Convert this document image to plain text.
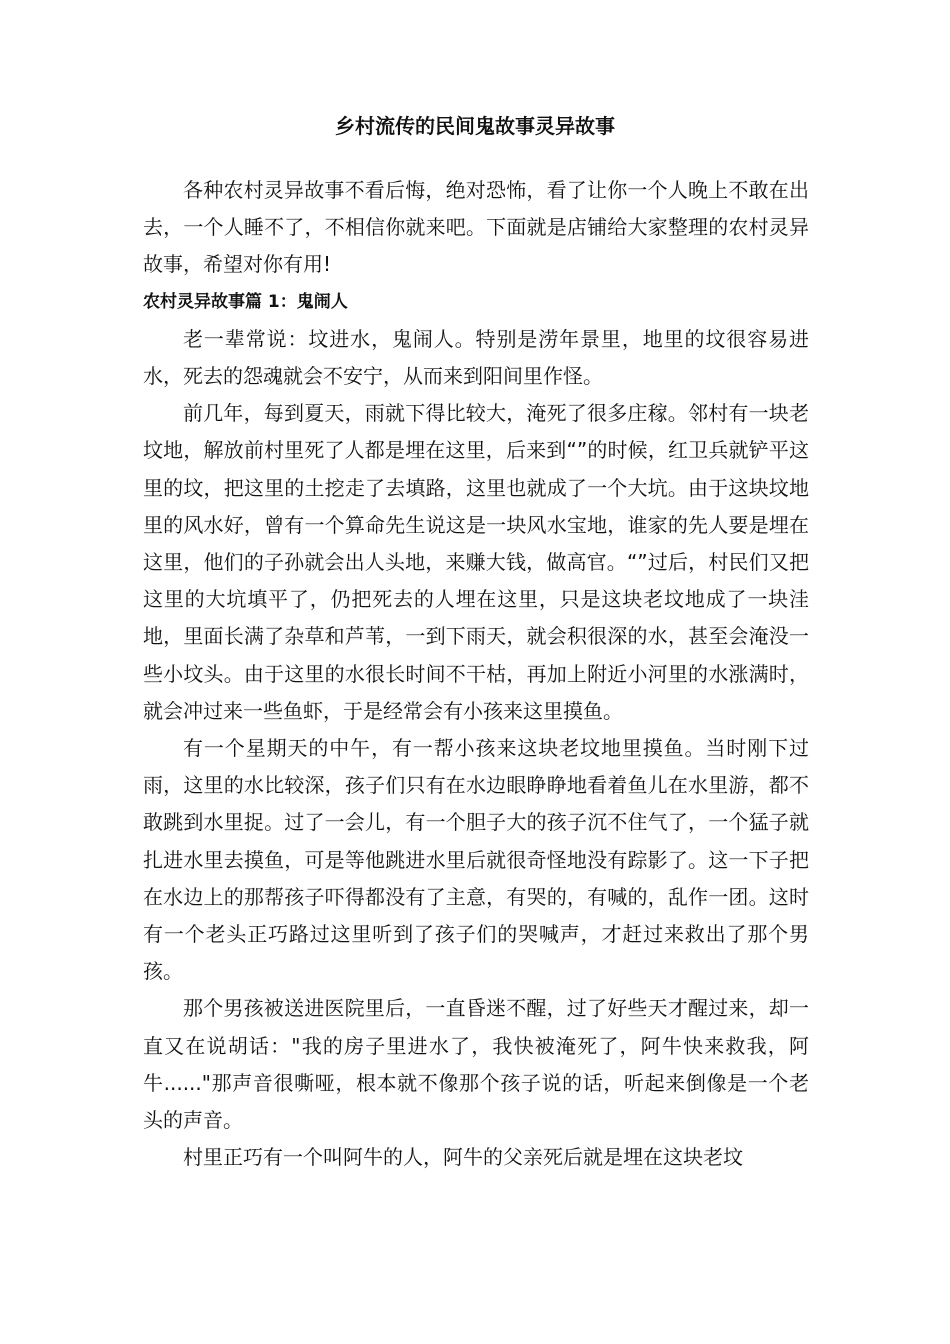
乡村流传的民间鬼故事灵异故事

各种农村灵异故事不看后悔，绝对恐怖，看了让你一个人晚上不敢在出去，一个人睡不了，不相信你就来吧。下面就是店铺给大家整理的农村灵异故事，希望对你有用!

农村灵异故事篇 1：鬼闹人

老一辈常说：坟进水，鬼闹人。特别是涝年景里，地里的坟很容易进水，死去的怨魂就会不安宁，从而来到阳间里作怪。

前几年，每到夏天，雨就下得比较大，淹死了很多庄稼。邻村有一块老坟地，解放前村里死了人都是埋在这里，后来到“”的时候，红卫兵就铲平这里的坟，把这里的土挖走了去填路，这里也就成了一个大坑。由于这块坟地里的风水好，曾有一个算命先生说这是一块风水宝地，谁家的先人要是埋在这里，他们的子孙就会出人头地，来赚大钱，做高官。“”过后，村民们又把这里的大坑填平了，仍把死去的人埋在这里，只是这块老坟地成了一块洼地，里面长满了杂草和芦苇，一到下雨天，就会积很深的水，甚至会淹没一些小坟头。由于这里的水很长时间不干枯，再加上附近小河里的水涨满时，就会冲过来一些鱼虾，于是经常会有小孩来这里摸鱼。

有一个星期天的中午，有一帮小孩来这块老坟地里摸鱼。当时刚下过雨，这里的水比较深，孩子们只有在水边眼睁睁地看着鱼儿在水里游，都不敢跳到水里捉。过了一会儿，有一个胆子大的孩子沉不住气了，一个猛子就扎进水里去摸鱼，可是等他跳进水里后就很奇怪地没有踪影了。这一下子把在水边上的那帮孩子吓得都没有了主意，有哭的，有喊的，乱作一团。这时有一个老头正巧路过这里听到了孩子们的哭喊声，才赶过来救出了那个男孩。

那个男孩被送进医院里后，一直昏迷不醒，过了好些天才醒过来，却一直又在说胡话："我的房子里进水了，我快被淹死了，阿牛快来救我，阿牛......"那声音很嘶哑，根本就不像那个孩子说的话，听起来倒像是一个老头的声音。

村里正巧有一个叫阿牛的人，阿牛的父亲死后就是埋在这块老坟
